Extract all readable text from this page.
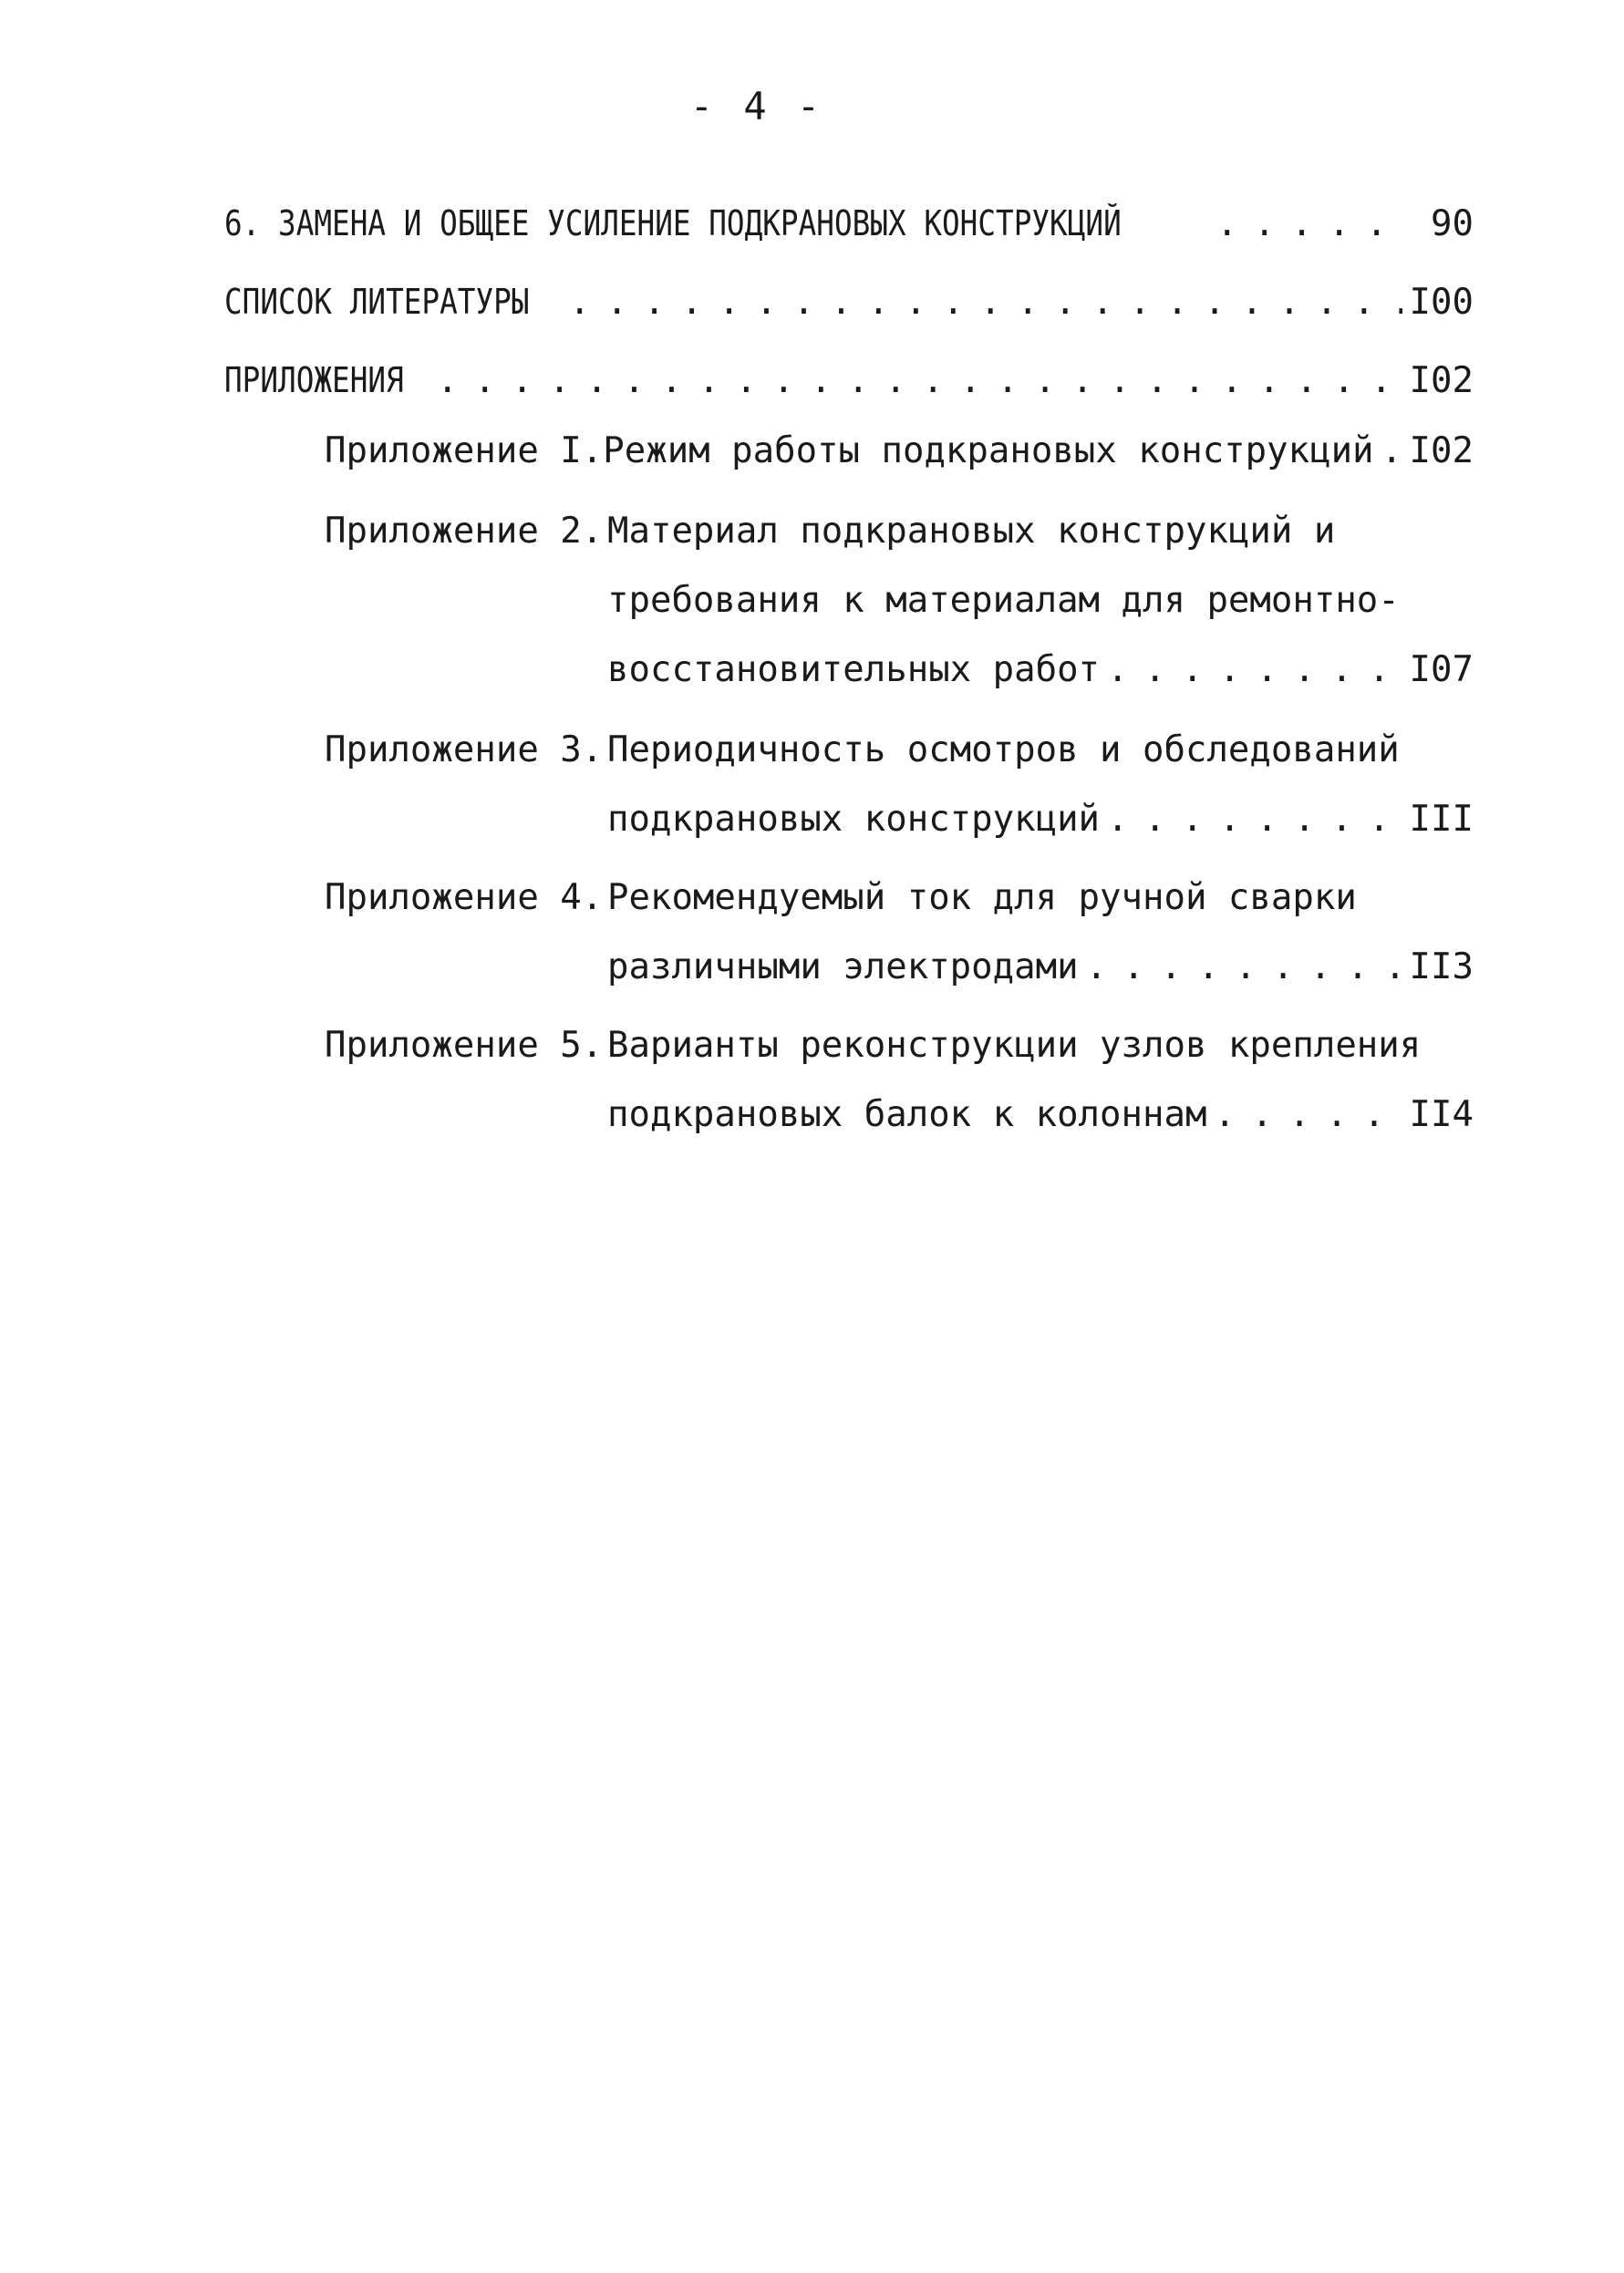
- 4 -
6. ЗАМЕНА И ОБЩЕЕ УСИЛЕНИЕ ПОДКРАНОВЫХ КОНСТРУКЦИЙ . . .	90
СПИСОК ЛИТЕРАТУРЫ . . .	I00
ПРИЛОЖЕНИЯ . . .	I02
Приложение I. Режим работы подкрановых конструкций . . . I02
Приложение 2. Материал подкрановых конструкций и
требования к материалам для ремонтно-
восстановительных работ . . .	I07
Приложение 3. Периодичность осмотров и обследований
подкрановых конструкций . . .	III
Приложение 4. Рекомендуемый ток для ручной сварки
различными электродами . . .	II3
Приложение 5. Варианты реконструкции узлов крепления
подкрановых балок к колоннам . . .	II4
